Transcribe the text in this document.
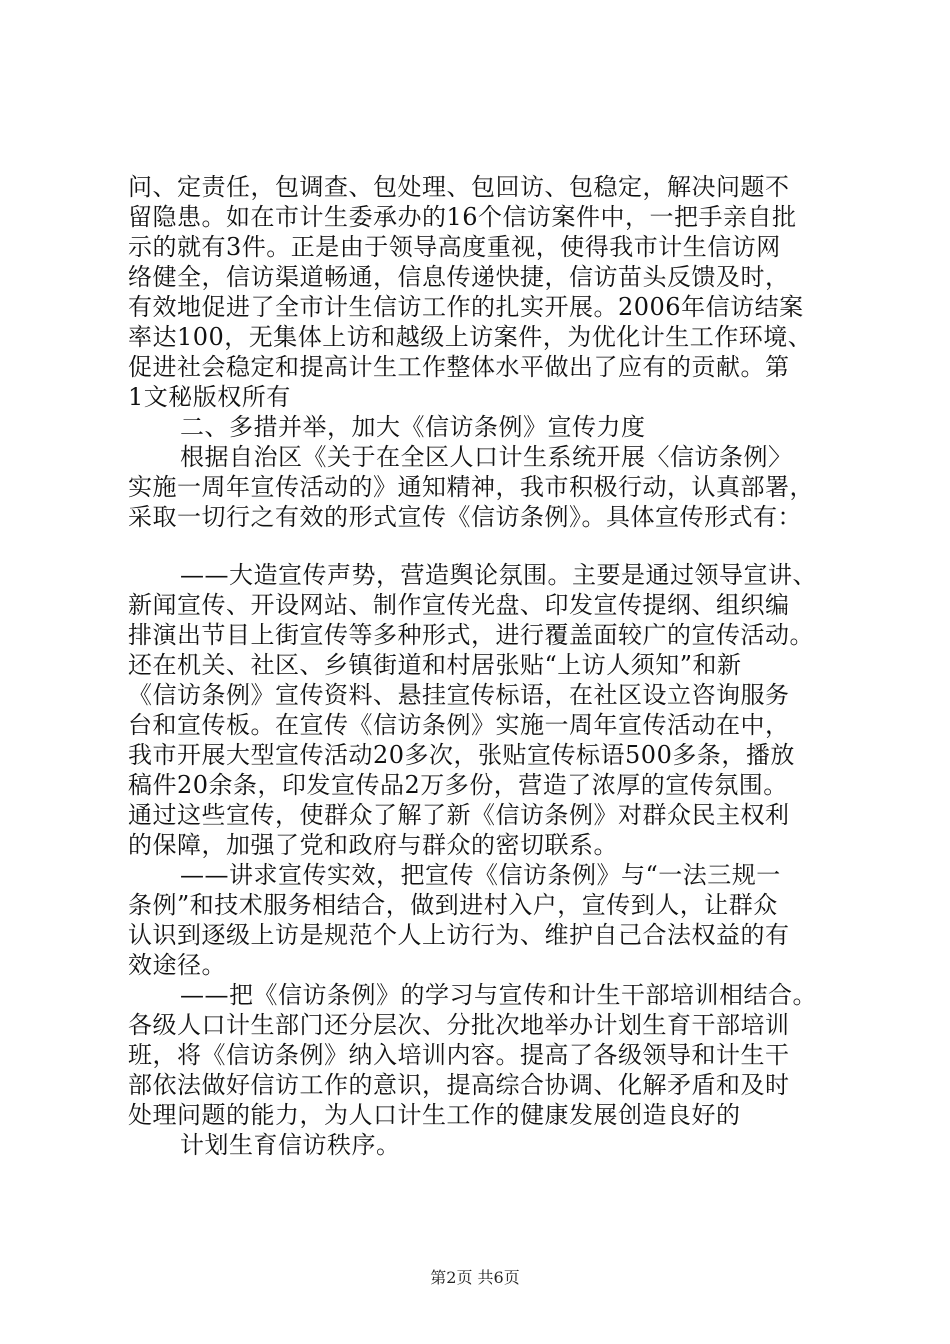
问、定责任，包调查、包处理、包回访、包稳定，解决问题不
留隐患。如在市计生委承办的16个信访案件中，一把手亲自批
示的就有3件。正是由于领导高度重视，使得我市计生信访网
络健全，信访渠道畅通，信息传递快捷，信访苗头反馈及时，
有效地促进了全市计生信访工作的扎实开展。2006年信访结案
率达100，无集体上访和越级上访案件，为优化计生工作环境、
促进社会稳定和提高计生工作整体水平做出了应有的贡献。第
1文秘版权所有
二、多措并举，加大《信访条例》宣传力度
根据自治区《关于在全区人口计生系统开展〈信访条例〉
实施一周年宣传活动的》通知精神，我市积极行动，认真部署，
采取一切行之有效的形式宣传《信访条例》。具体宣传形式有：
——大造宣传声势，营造舆论氛围。主要是通过领导宣讲、
新闻宣传、开设网站、制作宣传光盘、印发宣传提纲、组织编
排演出节目上街宣传等多种形式，进行覆盖面较广的宣传活动。
还在机关、社区、乡镇街道和村居张贴“上访人须知”和新
《信访条例》宣传资料、悬挂宣传标语，在社区设立咨询服务
台和宣传板。在宣传《信访条例》实施一周年宣传活动在中，
我市开展大型宣传活动20多次，张贴宣传标语500多条，播放
稿件20余条，印发宣传品2万多份，营造了浓厚的宣传氛围。
通过这些宣传，使群众了解了新《信访条例》对群众民主权利
的保障，加强了党和政府与群众的密切联系。
——讲求宣传实效，把宣传《信访条例》与“一法三规一
条例”和技术服务相结合，做到进村入户，宣传到人，让群众
认识到逐级上访是规范个人上访行为、维护自己合法权益的有
效途径。
——把《信访条例》的学习与宣传和计生干部培训相结合。
各级人口计生部门还分层次、分批次地举办计划生育干部培训
班，将《信访条例》纳入培训内容。提高了各级领导和计生干
部依法做好信访工作的意识，提高综合协调、化解矛盾和及时
处理问题的能力，为人口计生工作的健康发展创造良好的
计划生育信访秩序。
第2页 共6页
